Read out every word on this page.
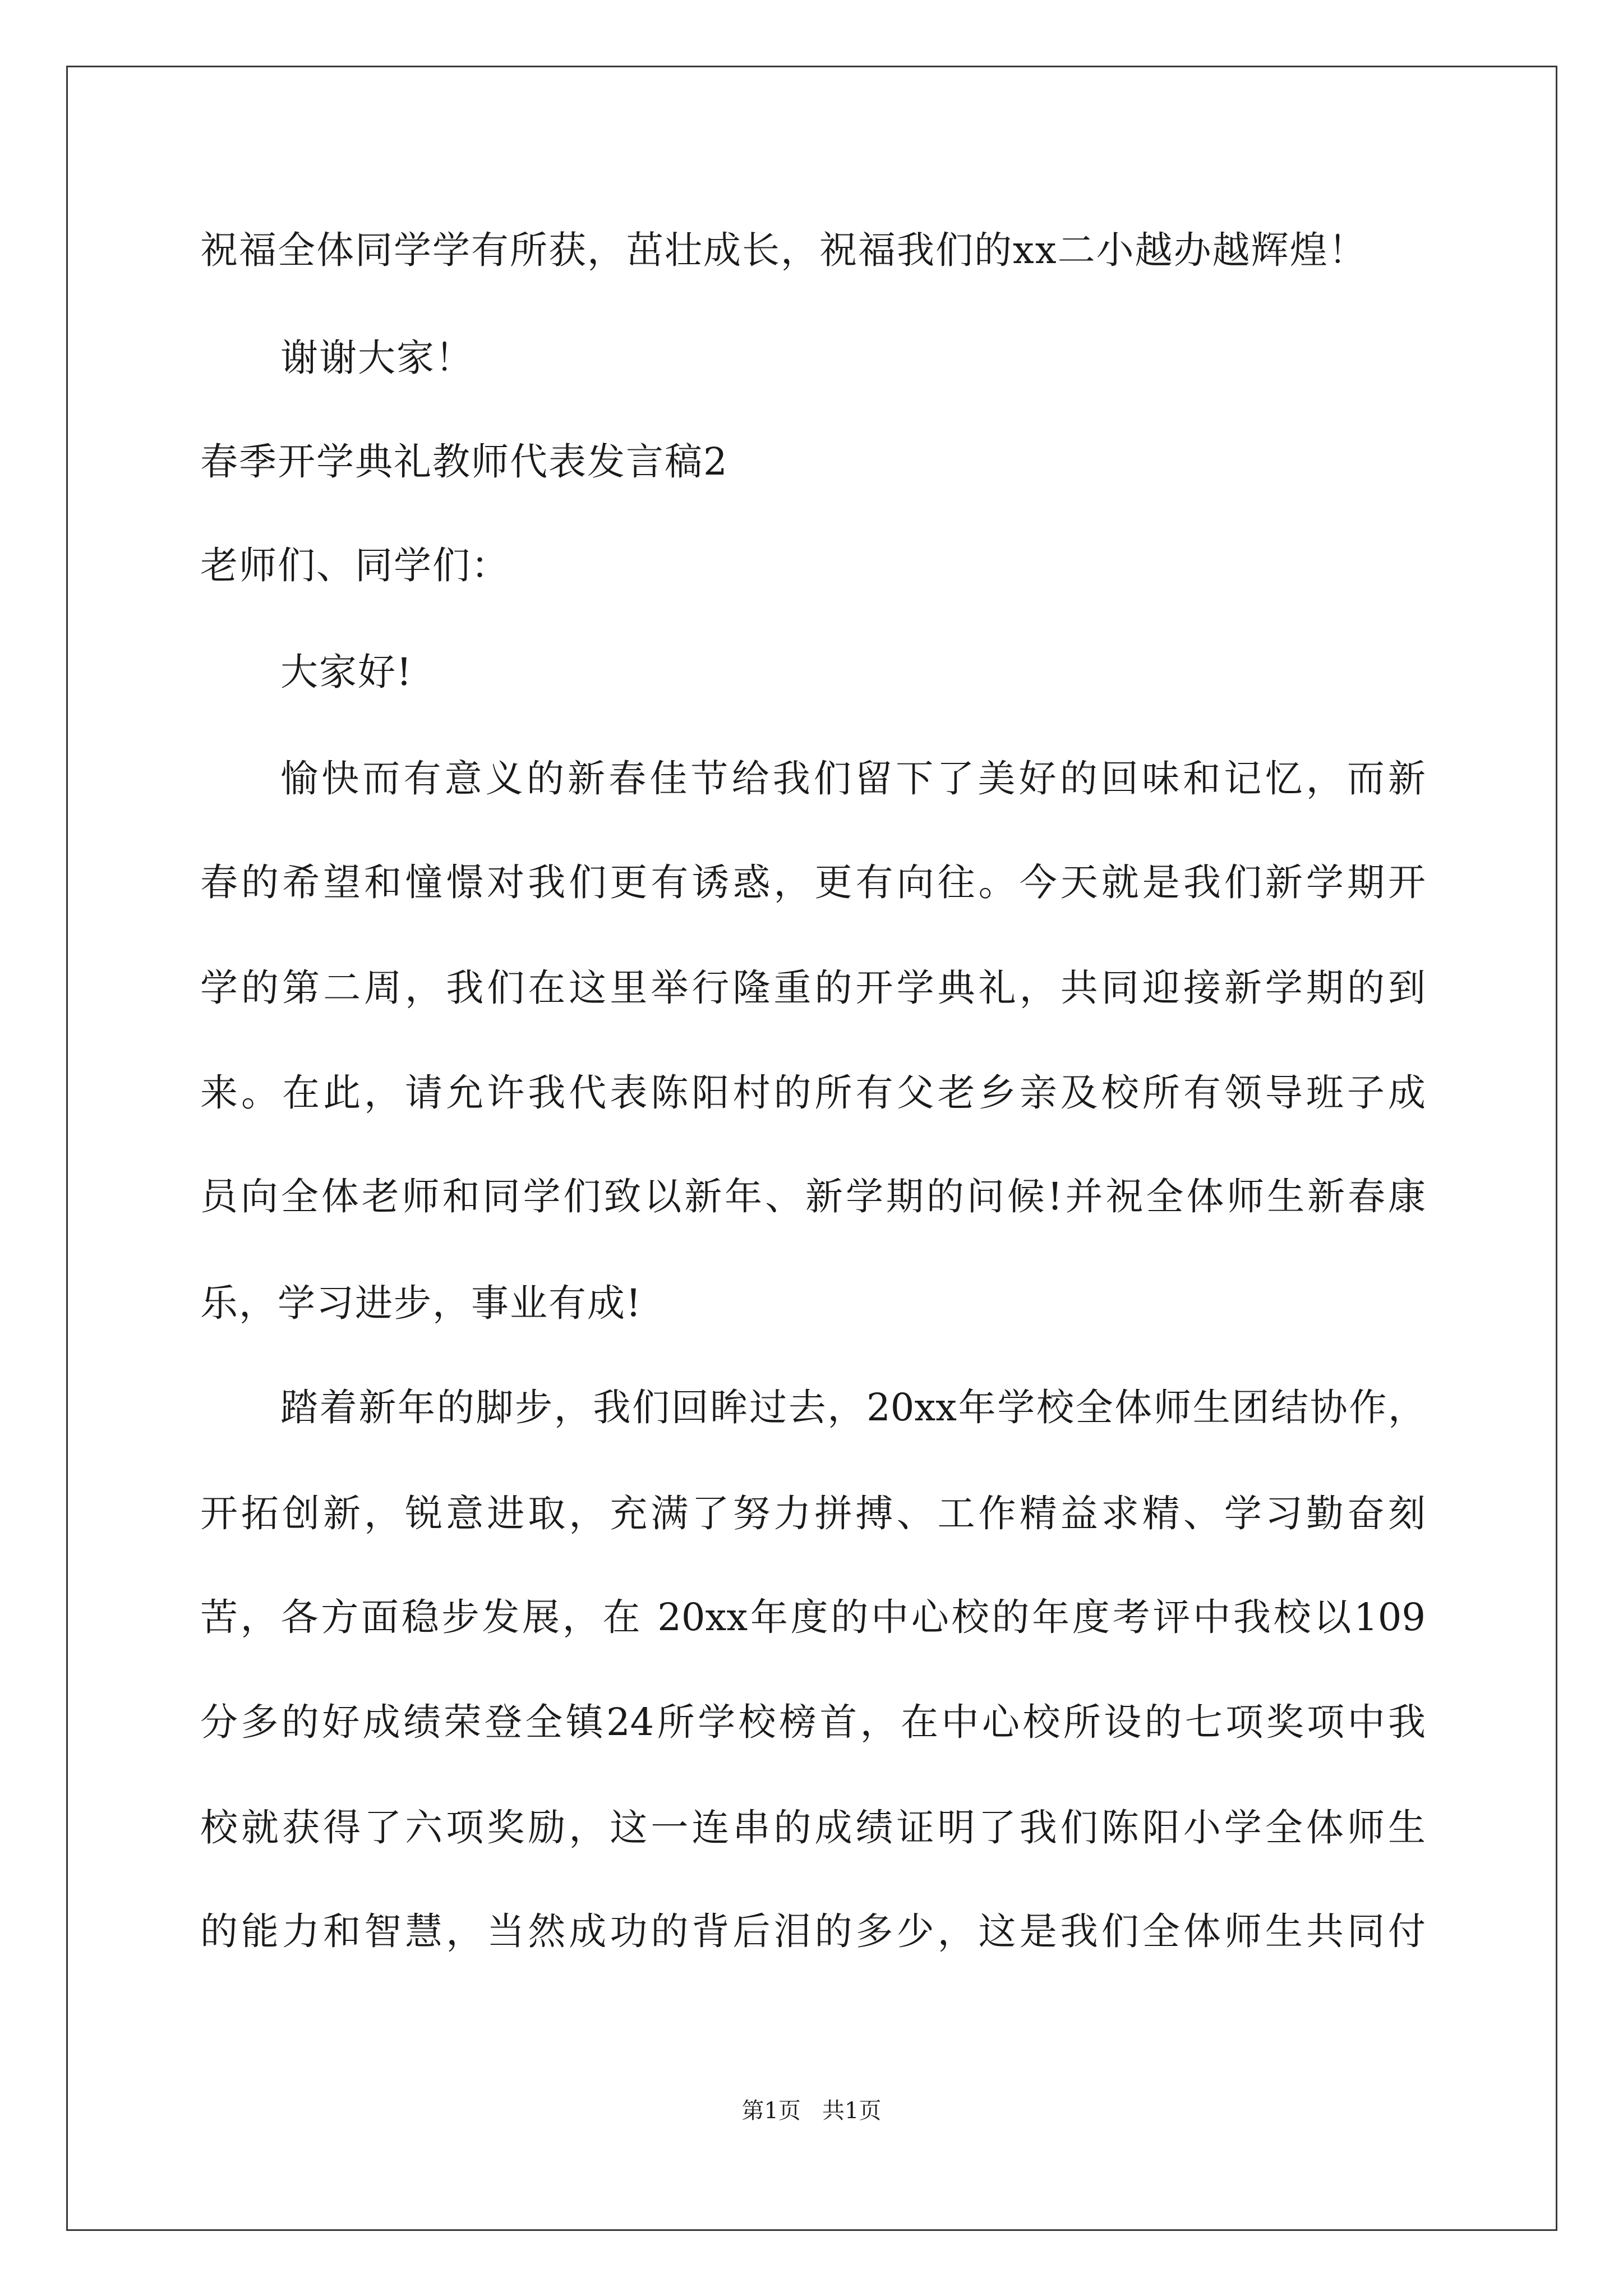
祝福全体同学学有所获，茁壮成长，祝福我们的xx二小越办越辉煌！

谢谢大家！

春季开学典礼教师代表发言稿2

老师们、同学们：

大家好!

愉快而有意义的新春佳节给我们留下了美好的回味和记忆，而新

春的希望和憧憬对我们更有诱惑，更有向往。今天就是我们新学期开

学的第二周，我们在这里举行隆重的开学典礼，共同迎接新学期的到

来。在此，请允许我代表陈阳村的所有父老乡亲及校所有领导班子成

员向全体老师和同学们致以新年、新学期的问候!并祝全体师生新春康

乐，学习进步，事业有成!

踏着新年的脚步，我们回眸过去，20xx年学校全体师生团结协作，

开拓创新，锐意进取，充满了努力拼搏、工作精益求精、学习勤奋刻

苦，各方面稳步发展，在 20xx年度的中心校的年度考评中我校以109

分多的好成绩荣登全镇24所学校榜首，在中心校所设的七项奖项中我

校就获得了六项奖励，这一连串的成绩证明了我们陈阳小学全体师生

的能力和智慧，当然成功的背后泪的多少，这是我们全体师生共同付

第1页   共1页
